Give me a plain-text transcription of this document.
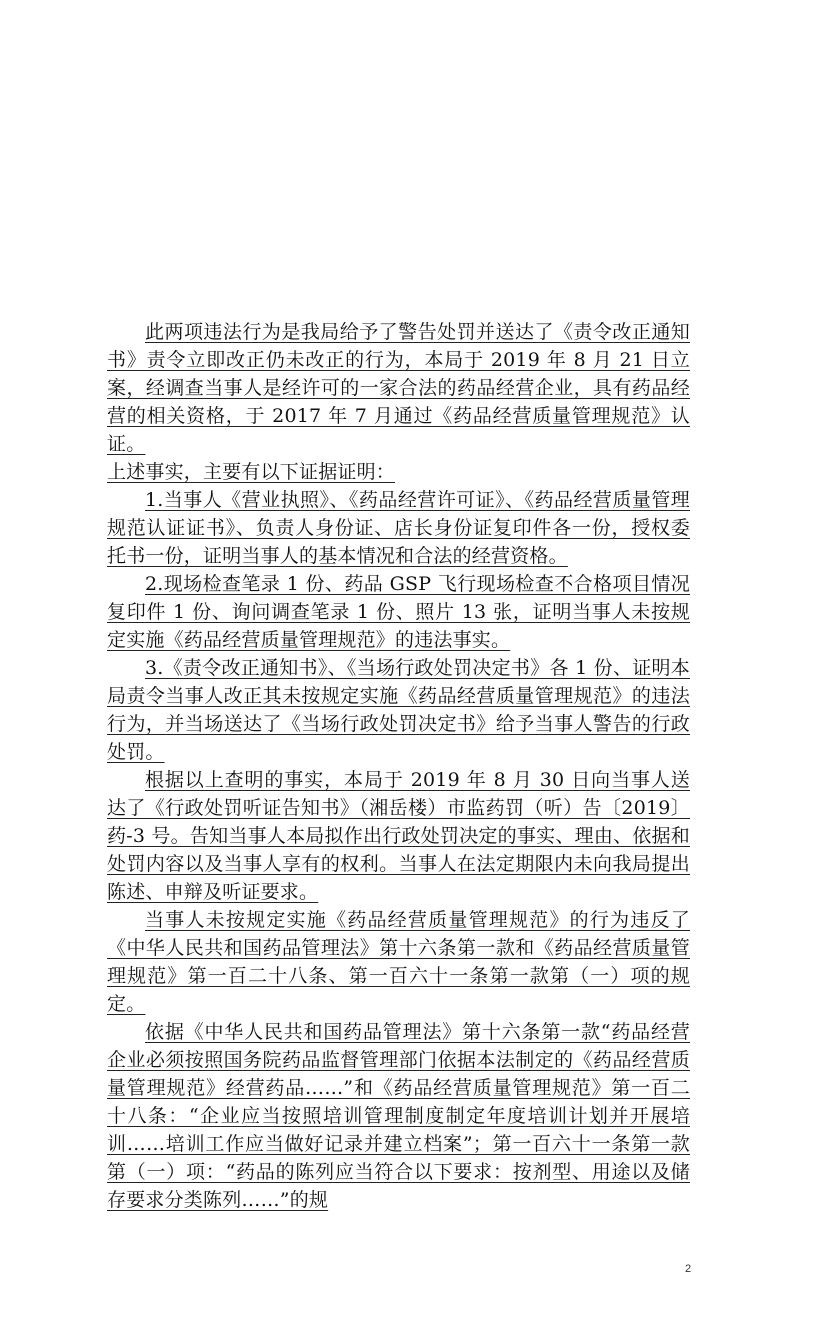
此两项违法行为是我局给予了警告处罚并送达了《责令改正通知书》责令立即改正仍未改正的行为，本局于 2019 年 8 月 21 日立案，经调查当事人是经许可的一家合法的药品经营企业，具有药品经营的相关资格，于 2017 年 7 月通过《药品经营质量管理规范》认证。

上述事实，主要有以下证据证明：

1.当事人《营业执照》、《药品经营许可证》、《药品经营质量管理规范认证证书》、负责人身份证、店长身份证复印件各一份，授权委托书一份，证明当事人的基本情况和合法的经营资格。

2.现场检查笔录 1 份、药品 GSP 飞行现场检查不合格项目情况复印件 1 份、询问调查笔录 1 份、照片 13 张，证明当事人未按规定实施《药品经营质量管理规范》的违法事实。

3.《责令改正通知书》、《当场行政处罚决定书》各 1 份、证明本局责令当事人改正其未按规定实施《药品经营质量管理规范》的违法行为，并当场送达了《当场行政处罚决定书》给予当事人警告的行政处罚。

根据以上查明的事实，本局于 2019 年 8 月 30 日向当事人送达了《行政处罚听证告知书》（湘岳楼）市监药罚（听）告〔2019〕药-3 号。告知当事人本局拟作出行政处罚决定的事实、理由、依据和处罚内容以及当事人享有的权利。当事人在法定期限内未向我局提出陈述、申辩及听证要求。

当事人未按规定实施《药品经营质量管理规范》的行为违反了《中华人民共和国药品管理法》第十六条第一款和《药品经营质量管理规范》第一百二十八条、第一百六十一条第一款第（一）项的规定。

依据《中华人民共和国药品管理法》第十六条第一款“药品经营企业必须按照国务院药品监督管理部门依据本法制定的《药品经营质量管理规范》经营药品……”和《药品经营质量管理规范》第一百二十八条：“企业应当按照培训管理制度制定年度培训计划并开展培训……培训工作应当做好记录并建立档案”；第一百六十一条第一款第（一）项：“药品的陈列应当符合以下要求：按剂型、用途以及储存要求分类陈列……”的规

2
